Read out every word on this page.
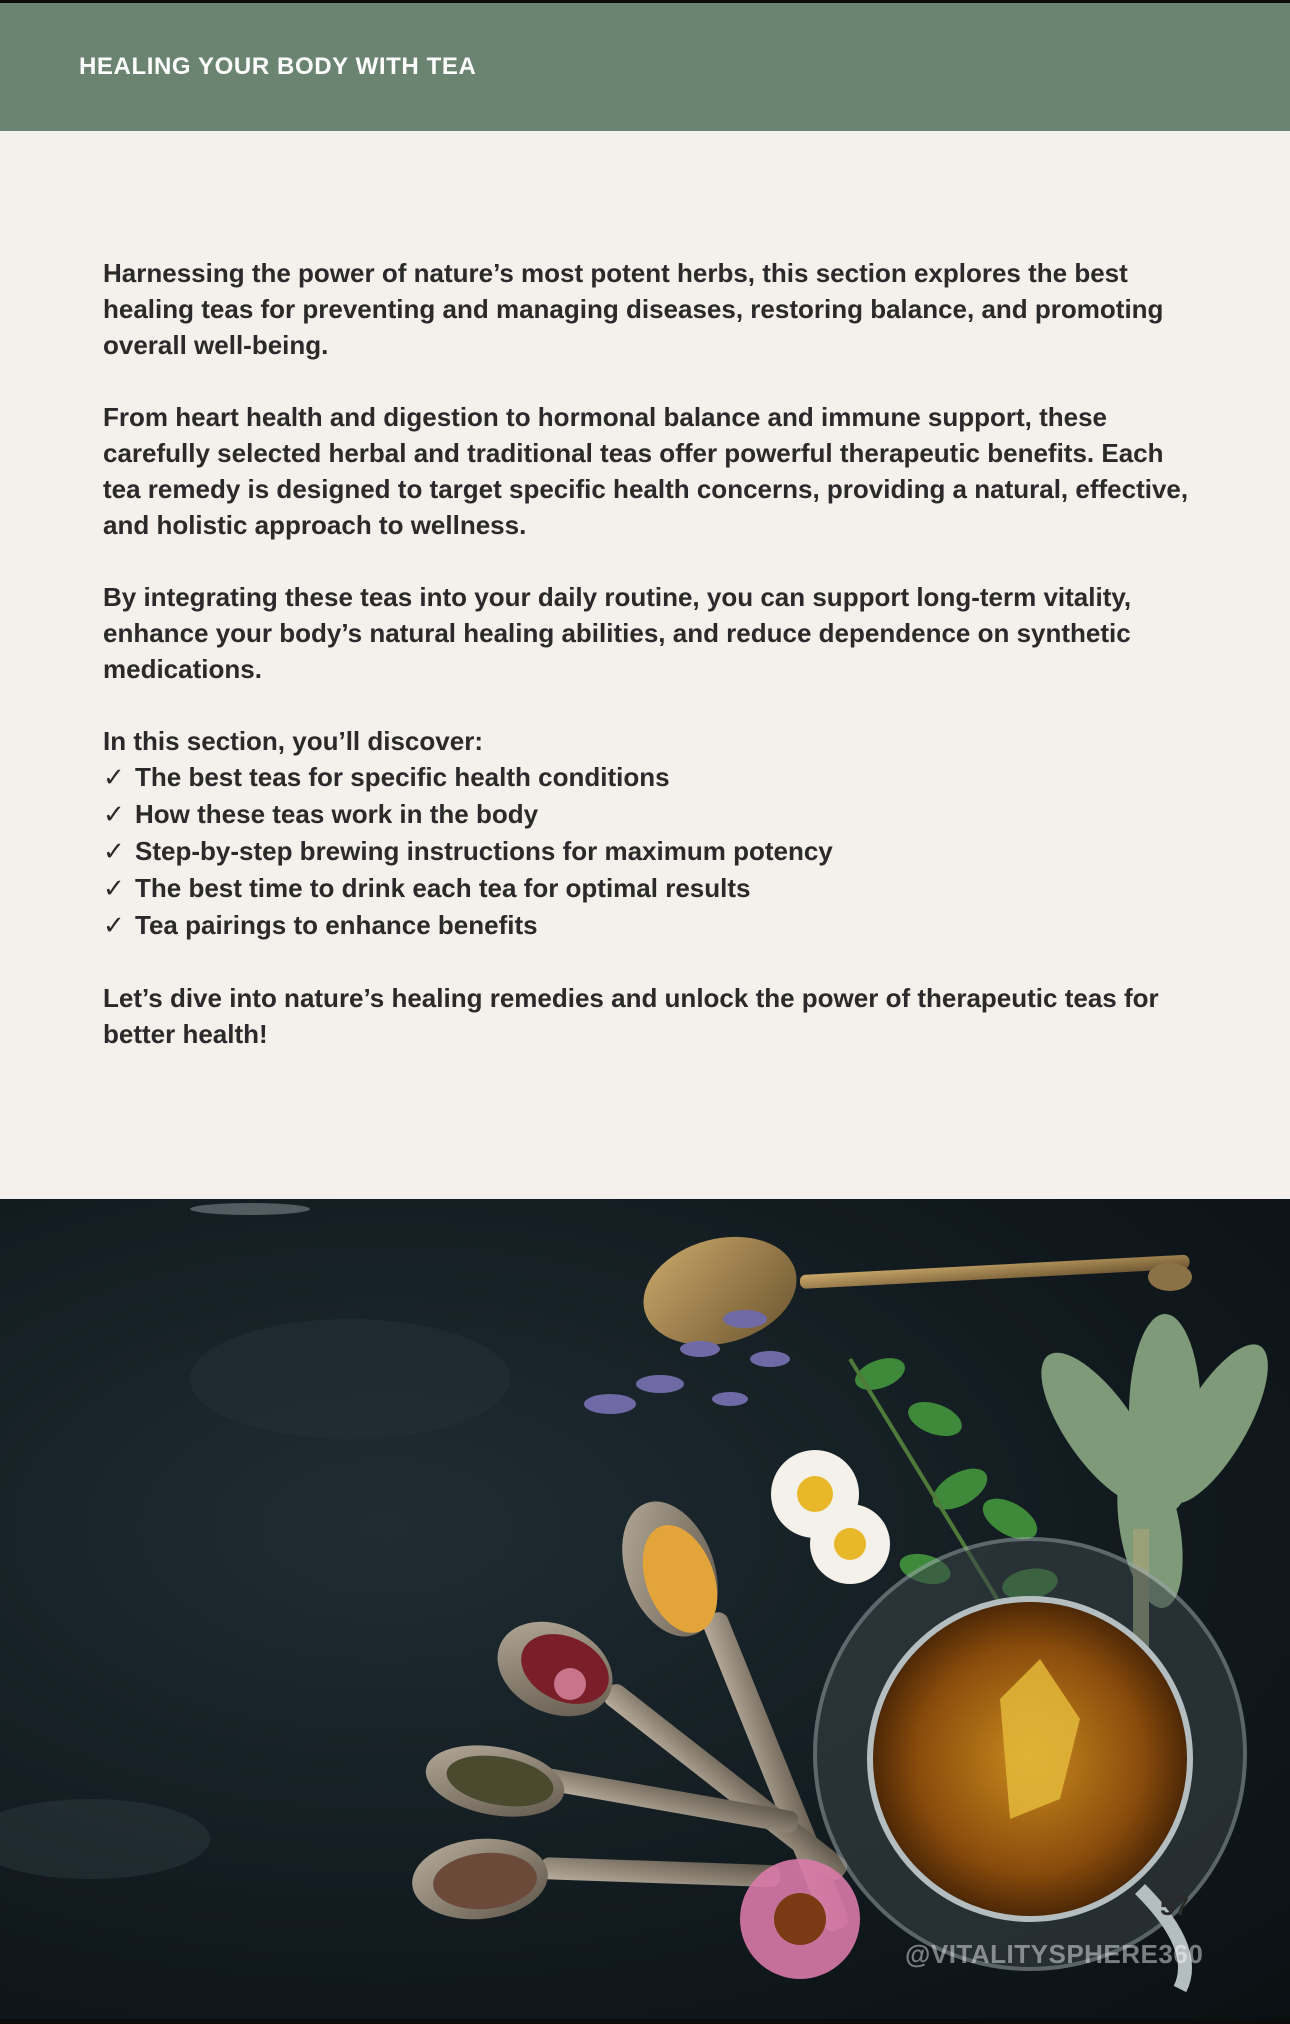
HEALING YOUR BODY WITH TEA

Harnessing the power of nature’s most potent herbs, this section explores the best healing teas for preventing and managing diseases, restoring balance, and promoting overall well-being.

From heart health and digestion to hormonal balance and immune support, these carefully selected herbal and traditional teas offer powerful therapeutic benefits. Each tea remedy is designed to target specific health concerns, providing a natural, effective, and holistic approach to wellness.

By integrating these teas into your daily routine, you can support long-term vitality, enhance your body’s natural healing abilities, and reduce dependence on synthetic medications.

In this section, you’ll discover:
✓ The best teas for specific health conditions
✓ How these teas work in the body
✓ Step-by-step brewing instructions for maximum potency
✓ The best time to drink each tea for optimal results
✓ Tea pairings to enhance benefits

Let’s dive into nature’s healing remedies and unlock the power of therapeutic teas for better health!

57
@VITALITYSPHERE360
